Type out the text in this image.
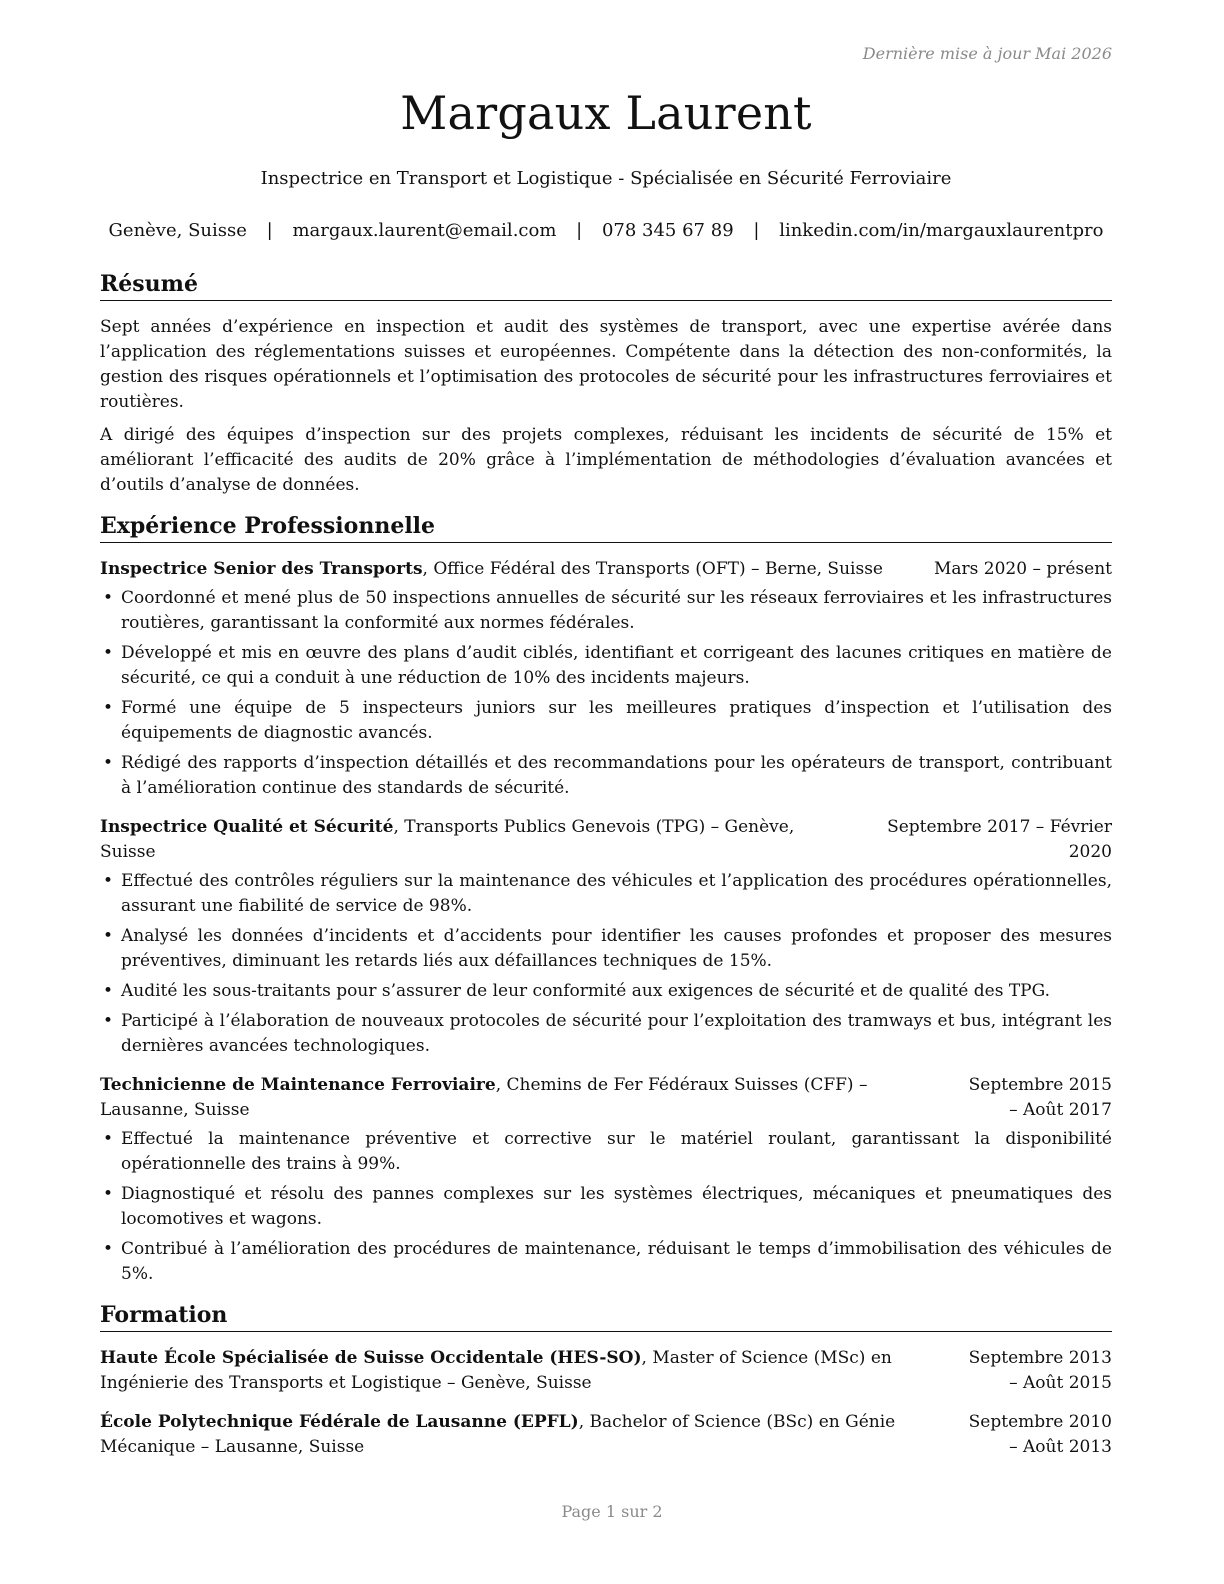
Dernière mise à jour Mai 2026
Margaux Laurent
Inspectrice en Transport et Logistique - Spécialisée en Sécurité Ferroviaire
Genève, Suisse | margaux.laurent@email.com | 078 345 67 89 | linkedin.com/in/margauxlaurentpro
Résumé

Sept années d’expérience en inspection et audit des systèmes de transport, avec une expertise avérée dans l’application des réglementations suisses et européennes. Compétente dans la détection des non-conformités, la gestion des risques opérationnels et l’optimisation des protocoles de sécurité pour les infrastructures ferroviaires et routières.

A dirigé des équipes d’inspection sur des projets complexes, réduisant les incidents de sécurité de 15% et améliorant l’efficacité des audits de 20% grâce à l’implémentation de méthodologies d’évaluation avancées et d’outils d’analyse de données.

Expérience Professionnelle
Inspectrice Senior des Transports, Office Fédéral des Transports (OFT) – Berne, Suisse	Mars 2020 – présent
• Coordonné et mené plus de 50 inspections annuelles de sécurité sur les réseaux ferroviaires et les infrastructures routières, garantissant la conformité aux normes fédérales.
• Développé et mis en œuvre des plans d’audit ciblés, identifiant et corrigeant des lacunes critiques en matière de sécurité, ce qui a conduit à une réduction de 10% des incidents majeurs.
• Formé une équipe de 5 inspecteurs juniors sur les meilleures pratiques d’inspection et l’utilisation des équipements de diagnostic avancés.
• Rédigé des rapports d’inspection détaillés et des recommandations pour les opérateurs de transport, contribuant à l’amélioration continue des standards de sécurité.
Inspectrice Qualité et Sécurité, Transports Publics Genevois (TPG) – Genève, Suisse
Septembre 2017 – Février 2020
• Effectué des contrôles réguliers sur la maintenance des véhicules et l’application des procédures opérationnelles, assurant une fiabilité de service de 98%.
• Analysé les données d’incidents et d’accidents pour identifier les causes profondes et proposer des mesures préventives, diminuant les retards liés aux défaillances techniques de 15%.
• Audité les sous-traitants pour s’assurer de leur conformité aux exigences de sécurité et de qualité des TPG.
• Participé à l’élaboration de nouveaux protocoles de sécurité pour l’exploitation des tramways et bus, intégrant les dernières avancées technologiques.
Technicienne de Maintenance Ferroviaire, Chemins de Fer Fédéraux Suisses (CFF) – Lausanne, Suisse
Septembre 2015 – Août 2017
• Effectué la maintenance préventive et corrective sur le matériel roulant, garantissant la disponibilité opérationnelle des trains à 99%.
• Diagnostiqué et résolu des pannes complexes sur les systèmes électriques, mécaniques et pneumatiques des locomotives et wagons.
• Contribué à l’amélioration des procédures de maintenance, réduisant le temps d’immobilisation des véhicules de 5%.
Formation
Haute École Spécialisée de Suisse Occidentale (HES-SO), Master of Science (MSc) en Ingénierie des Transports et Logistique – Genève, Suisse
Septembre 2013 – Août 2015
École Polytechnique Fédérale de Lausanne (EPFL), Bachelor of Science (BSc) en Génie Mécanique – Lausanne, Suisse
Septembre 2010 – Août 2013
Page 1 sur 2
